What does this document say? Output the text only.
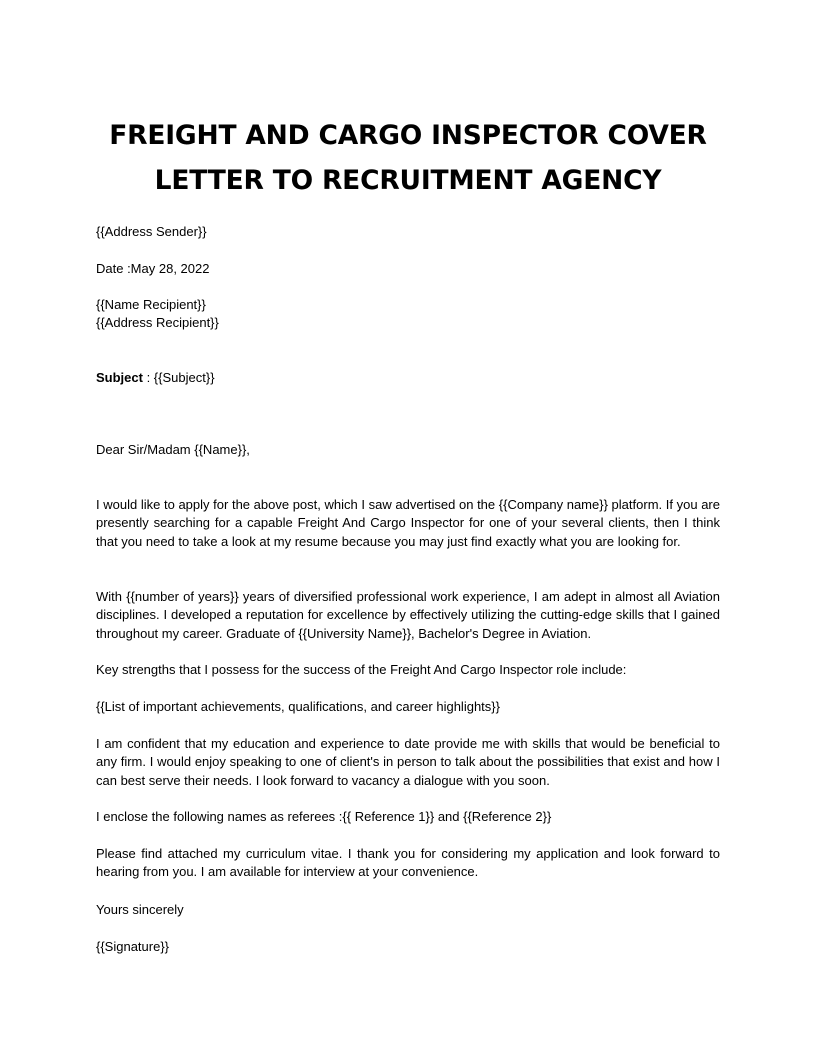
FREIGHT AND CARGO INSPECTOR COVER
LETTER TO RECRUITMENT AGENCY
{{Address Sender}}
Date :May 28, 2022
{{Name Recipient}}
{{Address Recipient}}
Subject : {{Subject}}
Dear Sir/Madam {{Name}},
I would like to apply for the above post, which I saw advertised on the {{Company name}} platform. If you are presently searching for a capable Freight And Cargo Inspector for one of your several clients, then I think that you need to take a look at my resume because you may just find exactly what you are looking for.
With {{number of years}} years of diversified professional work experience, I am adept in almost all Aviation disciplines. I developed a reputation for excellence by effectively utilizing the cutting-edge skills that I gained throughout my career. Graduate of {{University Name}}, Bachelor's Degree in Aviation.
Key strengths that I possess for the success of the Freight And Cargo Inspector role include:
{{List of important achievements, qualifications, and career highlights}}
I am confident that my education and experience to date provide me with skills that would be beneficial to any firm. I would enjoy speaking to one of client's in person to talk about the possibilities that exist and how I can best serve their needs. I look forward to vacancy a dialogue with you soon.
I enclose the following names as referees :{{ Reference 1}} and {{Reference 2}}
Please find attached my curriculum vitae. I thank you for considering my application and look forward to hearing from you. I am available for interview at your convenience.
Yours sincerely
{{Signature}}
